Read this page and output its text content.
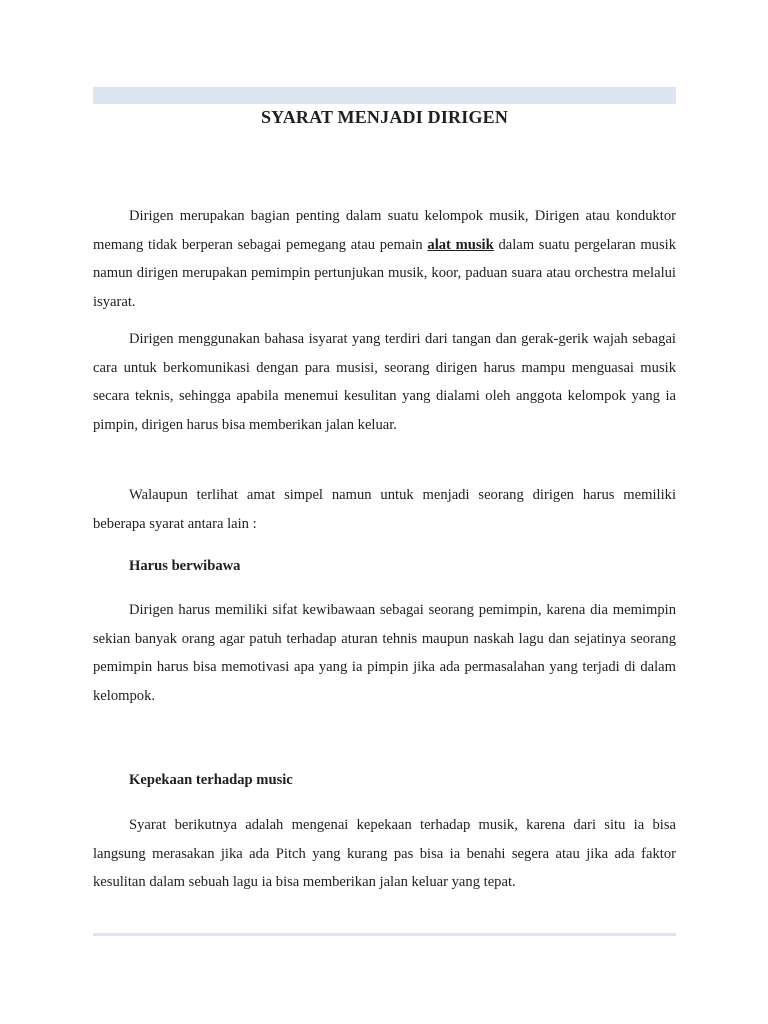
SYARAT MENJADI DIRIGEN

Dirigen merupakan bagian penting dalam suatu kelompok musik, Dirigen atau konduktor memang tidak berperan sebagai pemegang atau pemain alat musik dalam suatu pergelaran musik namun dirigen merupakan pemimpin pertunjukan musik, koor, paduan suara atau orchestra melalui isyarat.

Dirigen menggunakan bahasa isyarat yang terdiri dari tangan dan gerak-gerik wajah sebagai cara untuk berkomunikasi dengan para musisi, seorang dirigen harus mampu menguasai musik secara teknis, sehingga apabila menemui kesulitan yang dialami oleh anggota kelompok yang ia pimpin, dirigen harus bisa memberikan jalan keluar.

Walaupun terlihat amat simpel namun untuk menjadi seorang dirigen harus memiliki beberapa syarat antara lain :

Harus berwibawa

Dirigen harus memiliki sifat kewibawaan sebagai seorang pemimpin, karena dia memimpin sekian banyak orang agar patuh terhadap aturan tehnis maupun naskah lagu dan sejatinya seorang pemimpin harus bisa memotivasi apa yang ia pimpin jika ada permasalahan yang terjadi di dalam kelompok.

Kepekaan terhadap music

Syarat berikutnya adalah mengenai kepekaan terhadap musik, karena dari situ ia bisa langsung merasakan jika ada Pitch yang kurang pas bisa ia benahi segera atau jika ada faktor kesulitan dalam sebuah lagu ia bisa memberikan jalan keluar yang tepat.
